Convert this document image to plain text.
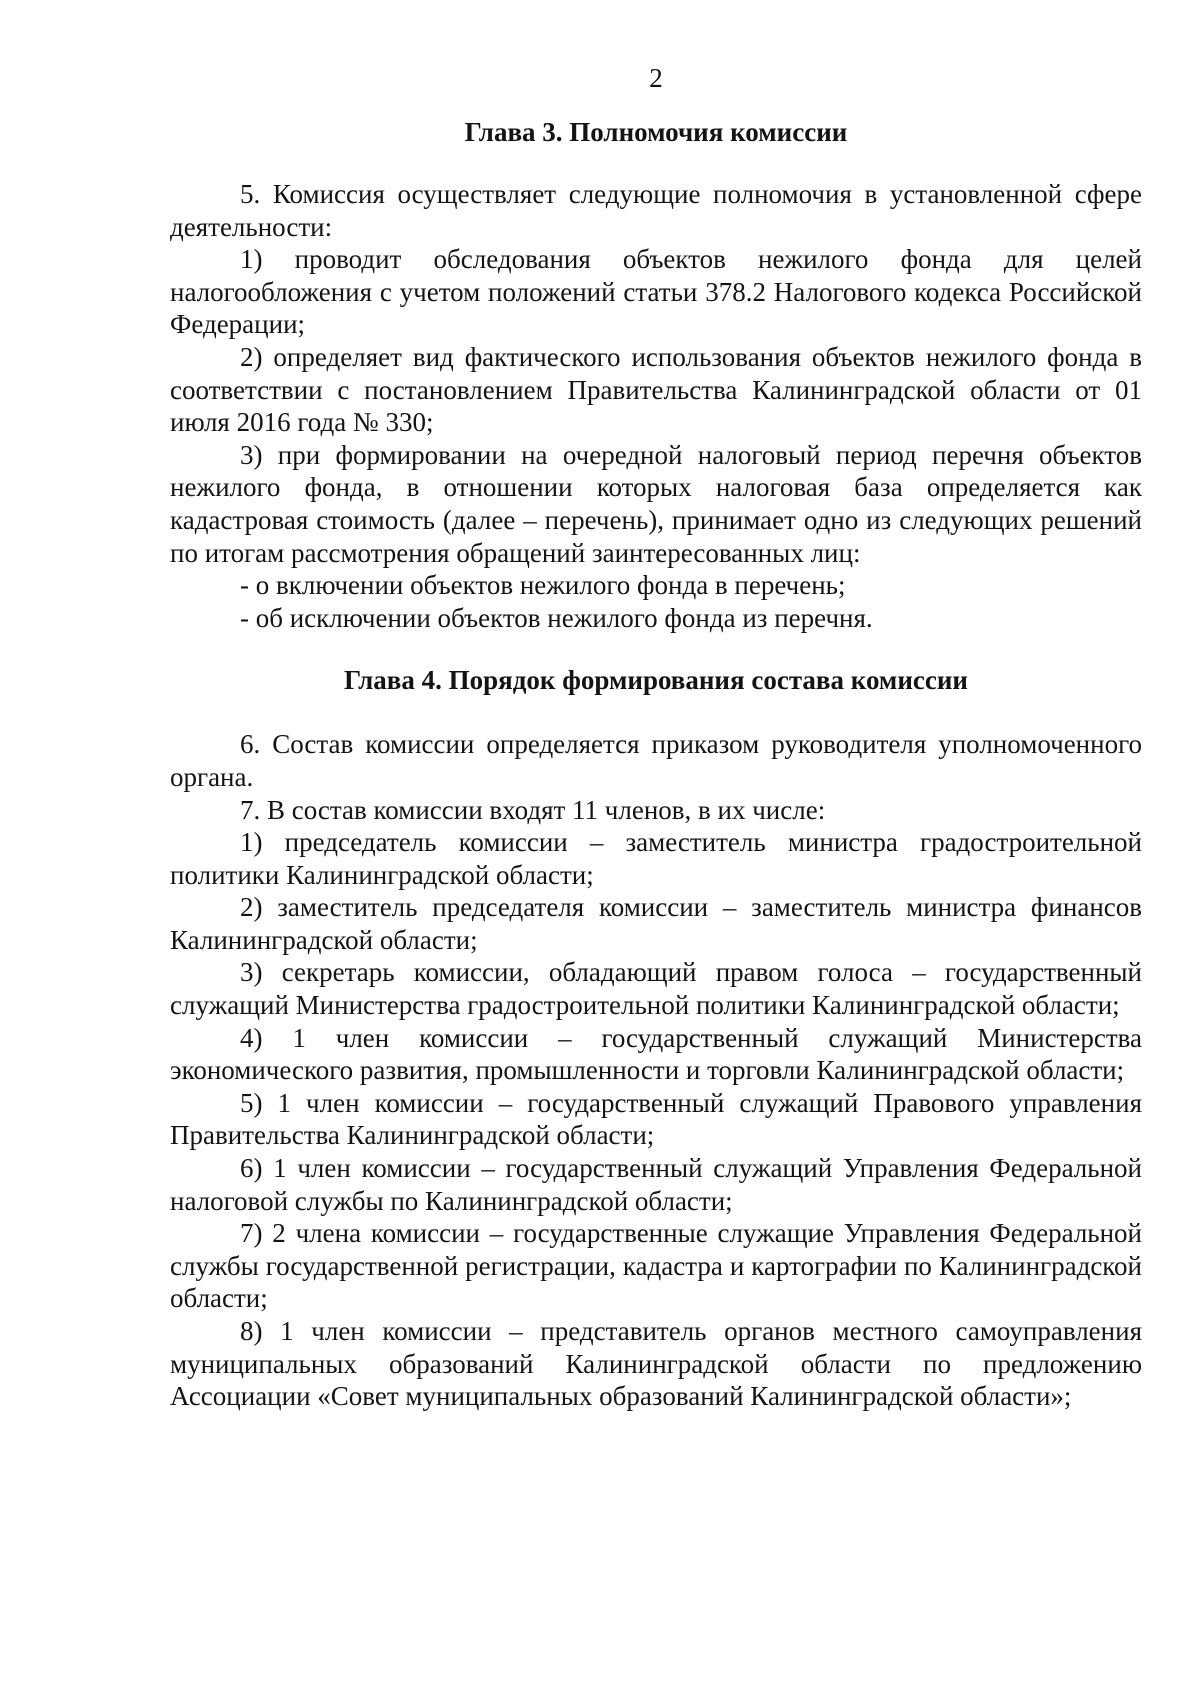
2
Глава 3. Полномочия комиссии

5. Комиссия осуществляет следующие полномочия в установленной сфере деятельности:

1) проводит обследования объектов нежилого фонда для целей налогообложения с учетом положений статьи 378.2 Налогового кодекса Российской Федерации;

2) определяет вид фактического использования объектов нежилого фонда в соответствии с постановлением Правительства Калининградской области от 01 июля 2016 года № 330;

3) при формировании на очередной налоговый период перечня объектов нежилого фонда, в отношении которых налоговая база определяется как кадастровая стоимость (далее – перечень), принимает одно из следующих решений по итогам рассмотрения обращений заинтересованных лиц:

- о включении объектов нежилого фонда в перечень;

- об исключении объектов нежилого фонда из перечня.

Глава 4. Порядок формирования состава комиссии

6. Состав комиссии определяется приказом руководителя уполномоченного органа.

7. В состав комиссии входят 11 членов, в их числе:

1) председатель комиссии – заместитель министра градостроительной политики Калининградской области;

2) заместитель председателя комиссии – заместитель министра финансов Калининградской области;

3) секретарь комиссии, обладающий правом голоса – государственный служащий Министерства градостроительной политики Калининградской области;

4) 1 член комиссии – государственный служащий Министерства экономического развития, промышленности и торговли Калининградской области;

5) 1 член комиссии – государственный служащий Правового управления Правительства Калининградской области;

6) 1 член комиссии – государственный служащий Управления Федеральной налоговой службы по Калининградской области;

7) 2 члена комиссии – государственные служащие Управления Федеральной службы государственной регистрации, кадастра и картографии по Калининградской области;

8) 1 член комиссии – представитель органов местного самоуправления муниципальных образований Калининградской области по предложению Ассоциации «Совет муниципальных образований Калининградской области»;
